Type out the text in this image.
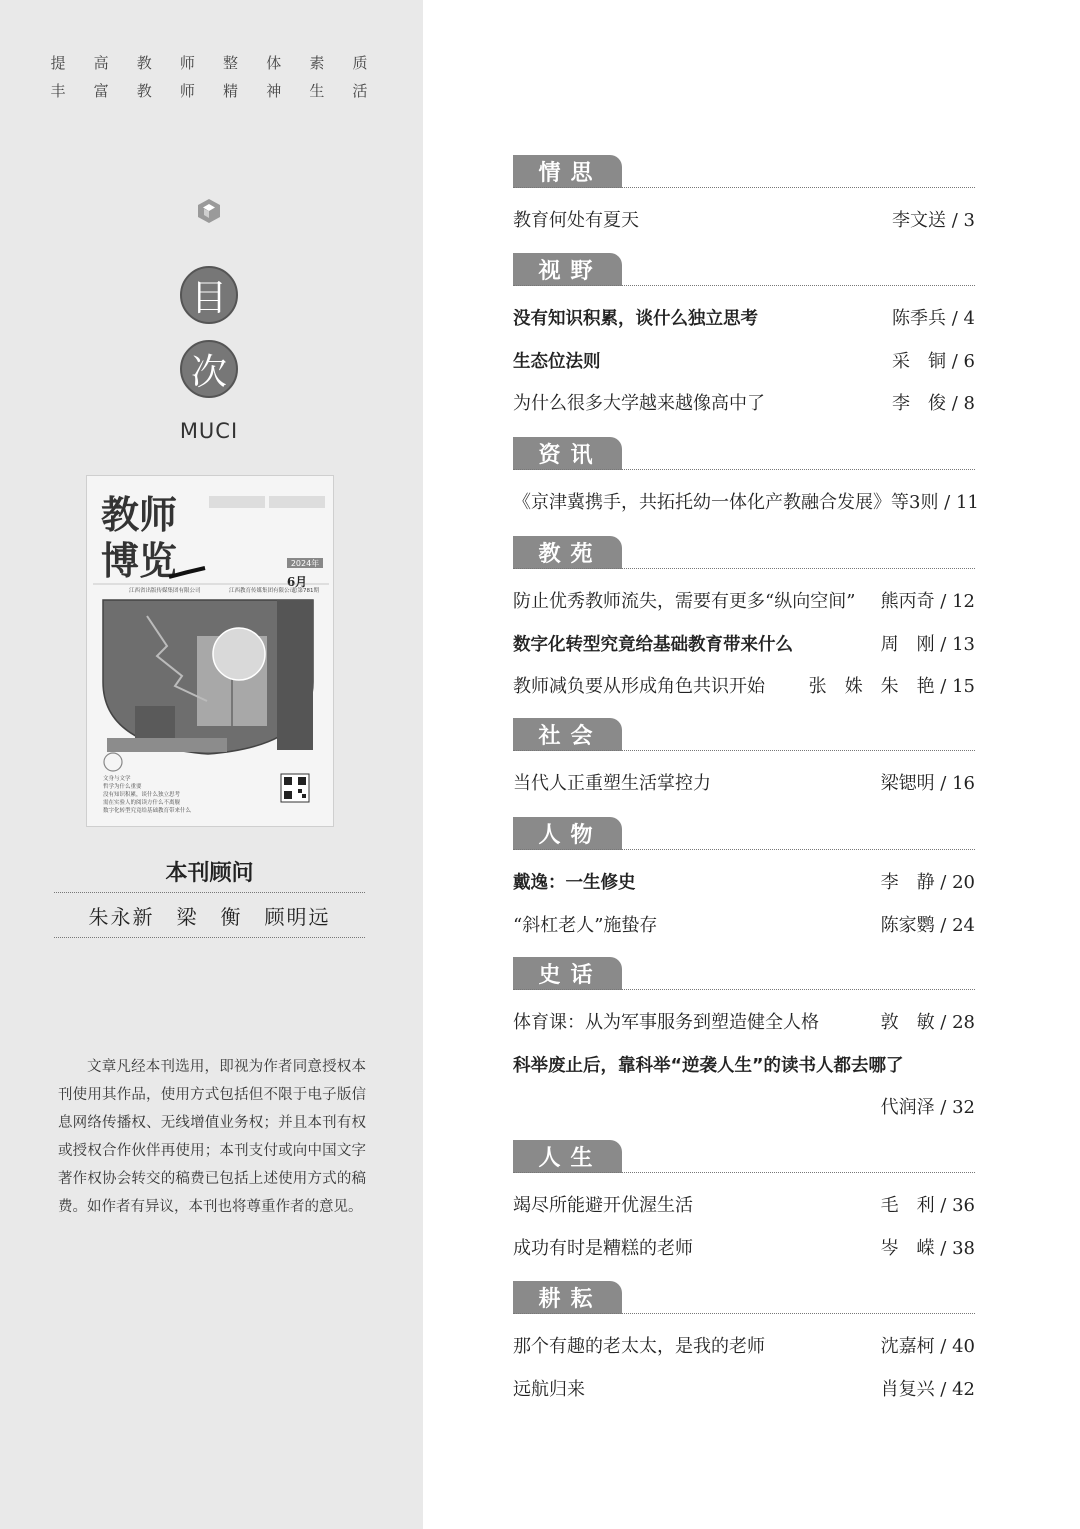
提 高 教 师 整 体 素 质
丰 富 教 师 精 神 生 活
目
次
MUCI
教师
博览	2024年
6月
总第781期
江西省出版传媒集团有限公司	江西教育传媒集团有限公司
文身与文学
哲学为什么重要
没有知识积累，谈什么独立思考
需在实验人的阅读方什么不离舰
数字化转型究竟给基础教育带来什么
本刊顾问
朱永新　梁　衡　顾明远
文章凡经本刊选用，即视为作者同意授权本刊使用其作品，使用方式包括但不限于电子版信息网络传播权、无线增值业务权；并且本刊有权或授权合作伙伴再使用；本刊支付或向中国文字著作权协会转交的稿费已包括上述使用方式的稿费。如作者有异议，本刊也将尊重作者的意见。
情思
教育何处有夏天	李文送 / 3
视野
没有知识积累，谈什么独立思考	陈季兵 / 4
生态位法则	采　铜 / 6
为什么很多大学越来越像高中了	李　俊 / 8
资讯
《京津冀携手，共拓托幼一体化产教融合发展》等3则 / 11
教苑
防止优秀教师流失，需要有更多“纵向空间” 熊丙奇 / 12
数字化转型究竟给基础教育带来什么	周　刚 / 13
教师减负要从形成角色共识开始 张　姝　朱　艳 / 15
社会
当代人正重塑生活掌控力	梁锶明 / 16
人物
戴逸：一生修史	李　静 / 20
“斜杠老人”施蛰存	陈家鹦 / 24
史话
体育课：从为军事服务到塑造健全人格	敦　敏 / 28
科举废止后，靠科举“逆袭人生”的读书人都去哪了
代润泽 / 32
人生
竭尽所能避开优渥生活	毛　利 / 36
成功有时是糟糕的老师	岑　嵘 / 38
耕耘
那个有趣的老太太，是我的老师	沈嘉柯 / 40
远航归来	肖复兴 / 42
